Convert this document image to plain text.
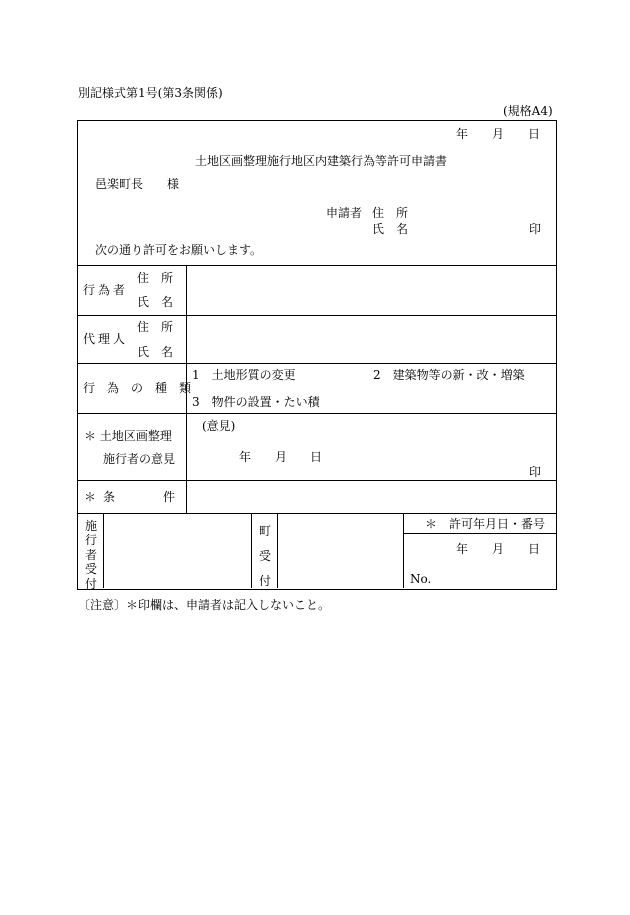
別記様式第1号(第3条関係)
(規格A4)
年 月 日
土地区画整理施行地区内建築行為等許可申請書
邑楽町長　　様
申請者 住　所
氏　名	印
次の通り許可をお願いします。
行為者
住　所
氏　名
代理人
住　所
氏　名
行　為　の　種　類
1　土地形質の変更	2　建築物等の新・改・増築
3　物件の設置・たい積
＊ 土地区画整理
施行者の意見
(意見)
年 月 日
印
＊ 条　　　　件
施
行
者
受
付
町
受
付
＊　許可年月日・番号
年 月 日
No.
〔注意〕＊印欄は、申請者は記入しないこと。
